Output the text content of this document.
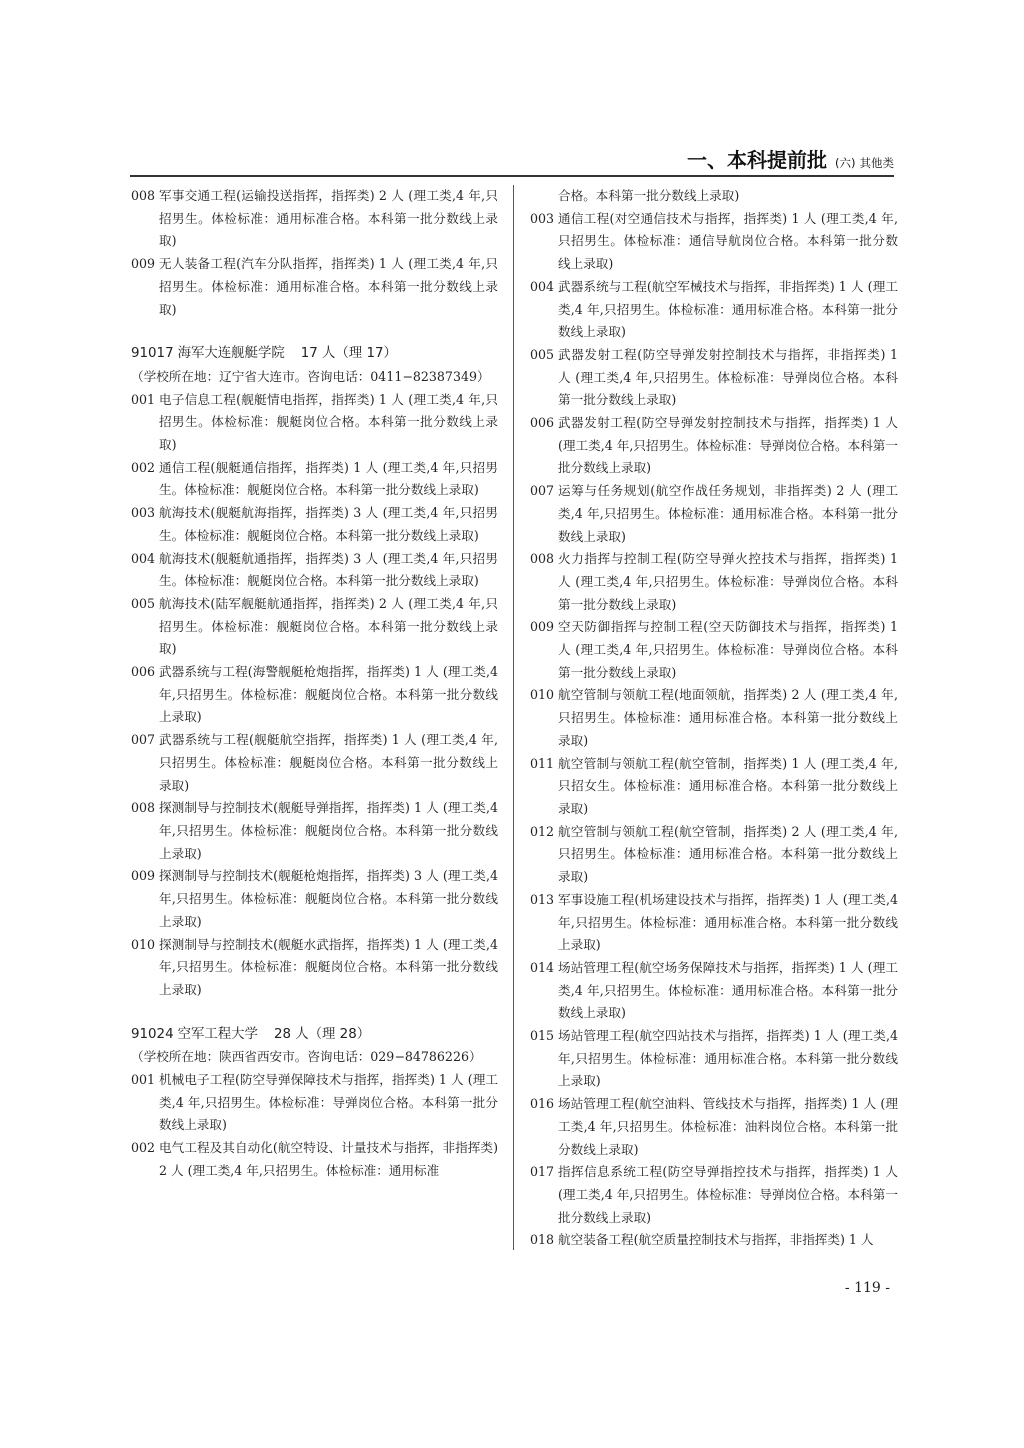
一、本科提前批 (六) 其他类
008 军事交通工程(运输投送指挥，指挥类) 2 人 (理工类,4 年,只招男生。体检标准：通用标准合格。本科第一批分数线上录取)
009 无人装备工程(汽车分队指挥，指挥类) 1 人 (理工类,4 年,只招男生。体检标准：通用标准合格。本科第一批分数线上录取)
91017 海军大连舰艇学院 17 人（理 17）
（学校所在地：辽宁省大连市。咨询电话：0411−82387349）
001 电子信息工程(舰艇情电指挥，指挥类) 1 人 (理工类,4 年,只招男生。体检标准：舰艇岗位合格。本科第一批分数线上录取)
002 通信工程(舰艇通信指挥，指挥类) 1 人 (理工类,4 年,只招男生。体检标准：舰艇岗位合格。本科第一批分数线上录取)
003 航海技术(舰艇航海指挥，指挥类) 3 人 (理工类,4 年,只招男生。体检标准：舰艇岗位合格。本科第一批分数线上录取)
004 航海技术(舰艇航通指挥，指挥类) 3 人 (理工类,4 年,只招男生。体检标准：舰艇岗位合格。本科第一批分数线上录取)
005 航海技术(陆军舰艇航通指挥，指挥类) 2 人 (理工类,4 年,只招男生。体检标准：舰艇岗位合格。本科第一批分数线上录取)
006 武器系统与工程(海警舰艇枪炮指挥，指挥类) 1 人 (理工类,4 年,只招男生。体检标准：舰艇岗位合格。本科第一批分数线上录取)
007 武器系统与工程(舰艇航空指挥，指挥类) 1 人 (理工类,4 年,只招男生。体检标准：舰艇岗位合格。本科第一批分数线上录取)
008 探测制导与控制技术(舰艇导弹指挥，指挥类) 1 人 (理工类,4 年,只招男生。体检标准：舰艇岗位合格。本科第一批分数线上录取)
009 探测制导与控制技术(舰艇枪炮指挥，指挥类) 3 人 (理工类,4 年,只招男生。体检标准：舰艇岗位合格。本科第一批分数线上录取)
010 探测制导与控制技术(舰艇水武指挥，指挥类) 1 人 (理工类,4 年,只招男生。体检标准：舰艇岗位合格。本科第一批分数线上录取)
91024 空军工程大学 28 人（理 28）
（学校所在地：陕西省西安市。咨询电话：029−84786226）
001 机械电子工程(防空导弹保障技术与指挥，指挥类) 1 人 (理工类,4 年,只招男生。体检标准：导弹岗位合格。本科第一批分数线上录取)
002 电气工程及其自动化(航空特设、计量技术与指挥，非指挥类) 2 人 (理工类,4 年,只招男生。体检标准：通用标准
合格。本科第一批分数线上录取)
003 通信工程(对空通信技术与指挥，指挥类) 1 人 (理工类,4 年,只招男生。体检标准：通信导航岗位合格。本科第一批分数线上录取)
004 武器系统与工程(航空军械技术与指挥，非指挥类) 1 人 (理工类,4 年,只招男生。体检标准：通用标准合格。本科第一批分数线上录取)
005 武器发射工程(防空导弹发射控制技术与指挥，非指挥类) 1 人 (理工类,4 年,只招男生。体检标准：导弹岗位合格。本科第一批分数线上录取)
006 武器发射工程(防空导弹发射控制技术与指挥，指挥类) 1 人 (理工类,4 年,只招男生。体检标准：导弹岗位合格。本科第一批分数线上录取)
007 运筹与任务规划(航空作战任务规划，非指挥类) 2 人 (理工类,4 年,只招男生。体检标准：通用标准合格。本科第一批分数线上录取)
008 火力指挥与控制工程(防空导弹火控技术与指挥，指挥类) 1 人 (理工类,4 年,只招男生。体检标准：导弹岗位合格。本科第一批分数线上录取)
009 空天防御指挥与控制工程(空天防御技术与指挥，指挥类) 1 人 (理工类,4 年,只招男生。体检标准：导弹岗位合格。本科第一批分数线上录取)
010 航空管制与领航工程(地面领航，指挥类) 2 人 (理工类,4 年,只招男生。体检标准：通用标准合格。本科第一批分数线上录取)
011 航空管制与领航工程(航空管制，指挥类) 1 人 (理工类,4 年,只招女生。体检标准：通用标准合格。本科第一批分数线上录取)
012 航空管制与领航工程(航空管制，指挥类) 2 人 (理工类,4 年,只招男生。体检标准：通用标准合格。本科第一批分数线上录取)
013 军事设施工程(机场建设技术与指挥，指挥类) 1 人 (理工类,4 年,只招男生。体检标准：通用标准合格。本科第一批分数线上录取)
014 场站管理工程(航空场务保障技术与指挥，指挥类) 1 人 (理工类,4 年,只招男生。体检标准：通用标准合格。本科第一批分数线上录取)
015 场站管理工程(航空四站技术与指挥，指挥类) 1 人 (理工类,4 年,只招男生。体检标准：通用标准合格。本科第一批分数线上录取)
016 场站管理工程(航空油料、管线技术与指挥，指挥类) 1 人 (理工类,4 年,只招男生。体检标准：油料岗位合格。本科第一批分数线上录取)
017 指挥信息系统工程(防空导弹指控技术与指挥，指挥类) 1 人 (理工类,4 年,只招男生。体检标准：导弹岗位合格。本科第一批分数线上录取)
018 航空装备工程(航空质量控制技术与指挥，非指挥类) 1 人
- 119 -
